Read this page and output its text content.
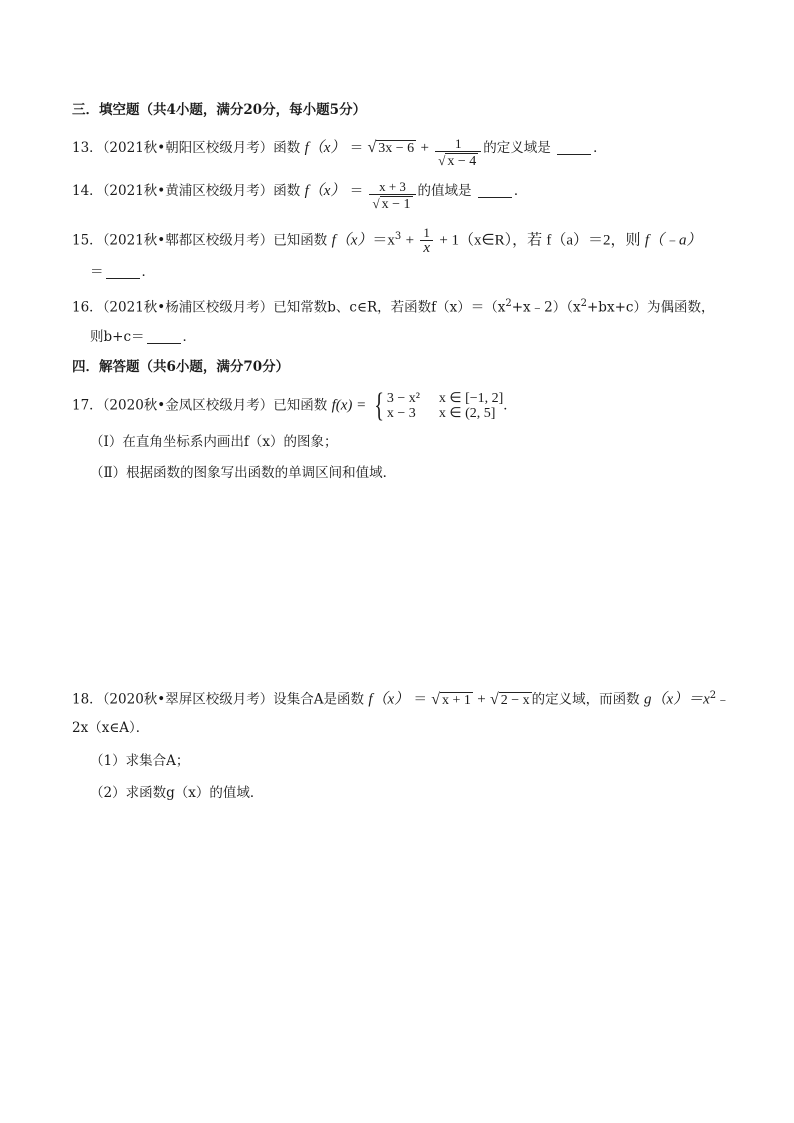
三．填空题（共4小题，满分20分，每小题5分）
13．（2021秋•朝阳区校级月考）函数 f（x） ＝ √ $3x - 6 + \frac{1}{√ x - 4}$ 的定义域是	．
14．（2021秋•黄浦区校级月考）函数 $f(x) = \frac{x + 3}{√ x - 1}$ 的值域是	．
15．（2021秋•郫都区校级月考）已知函数 $f(x)=x^3 + \frac{1}{x}$ + 1（x∈R），若 f（a）＝2，则 f（﹣a）
＝	．
16．（2021秋•杨浦区校级月考）已知常数b、c∈R，若函数$f(x)=(x^2+x﹣2)(x^2+bx+c)$为偶函数，
则b+c＝	．
四．解答题（共6小题，满分70分）
17．（2020秋•金凤区校级月考）已知函数 f(x) = { 3 − x² x ∈ [−1, 2]
x − 3 x ∈ (2, 5] ．
（Ⅰ）在直角坐标系内画出f（x）的图象；
（Ⅱ）根据函数的图象写出函数的单调区间和值域．
18．（2020秋•翠屏区校级月考）设集合A是函数 f（x） ＝ √ x + 1 + √ 2 − x 的定义域，而函数 $g(x)=x^2﹣$
2x（x∈A）．
（1）求集合A；
（2）求函数g（x）的值域．
